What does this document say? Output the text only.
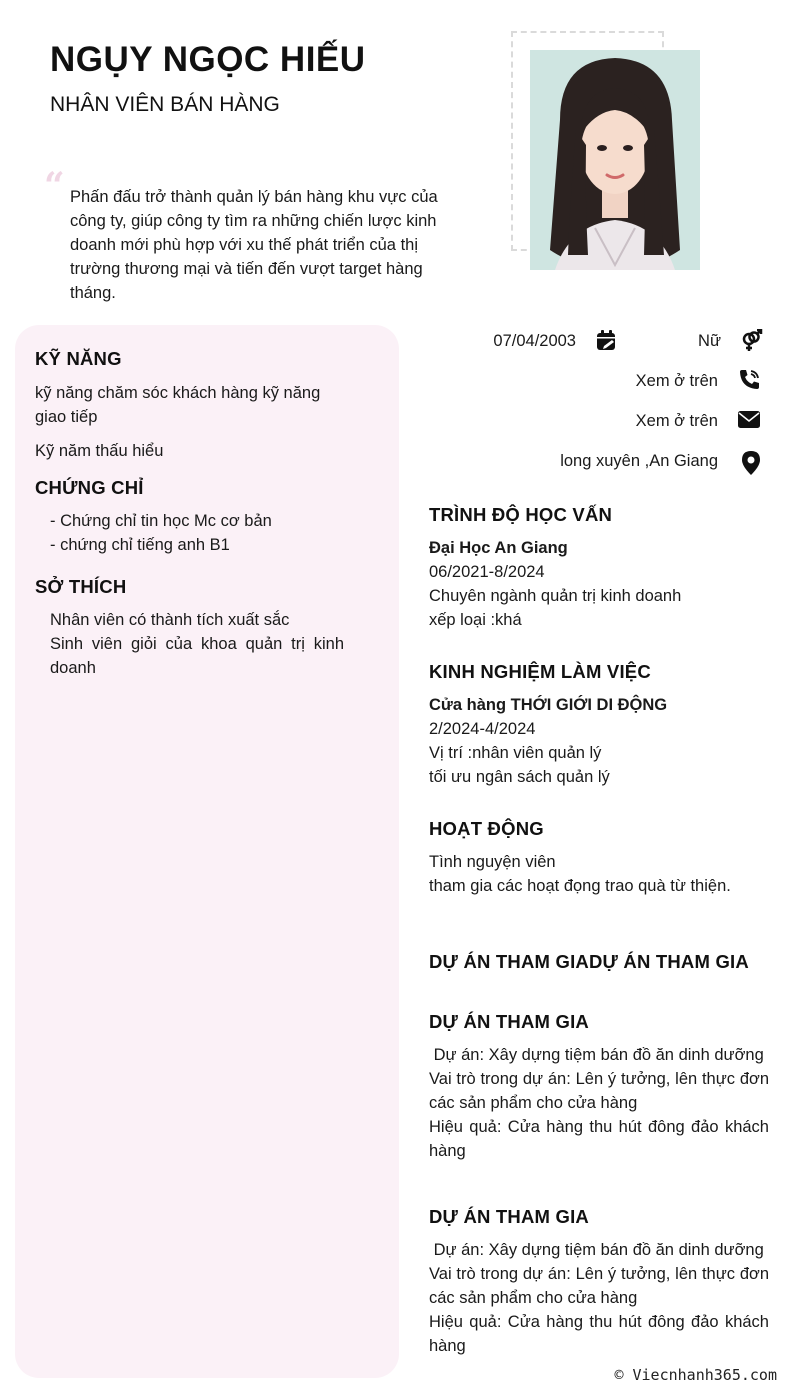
NGỤY NGỌC HIẾU
NHÂN VIÊN BÁN HÀNG
“ Phấn đấu trở thành quản lý bán hàng khu vực của công ty, giúp công ty tìm ra những chiến lược kinh doanh mới phù hợp với xu thế phát triển của thị trường thương mại và tiến đến vượt target hàng tháng.
KỸ NĂNG
kỹ năng chăm sóc khách hàng kỹ năng giao tiếp
Kỹ năm thấu hiểu
CHỨNG CHỈ
- Chứng chỉ tin học Mc cơ bản
- chứng chỉ tiếng anh B1
SỞ THÍCH
Nhân viên có thành tích xuất sắc
Sinh viên giỏi của khoa quản trị kinh doanh
07/04/2003	Nữ
Xem ở trên
Xem ở trên
long xuyên ,An Giang
TRÌNH ĐỘ HỌC VẤN
Đại Học An Giang
06/2021-8/2024
Chuyên ngành quản trị kinh doanh
xếp loại :khá
KINH NGHIỆM LÀM VIỆC
Cửa hàng THỚI GIỚI DI ĐỘNG
2/2024-4/2024
Vị trí :nhân viên quản lý
tối ưu ngân sách quản lý
HOẠT ĐỘNG
Tình nguyện viên
tham gia các hoạt đọng trao quà từ thiện.
DỰ ÁN THAM GIADỰ ÁN THAM GIA
DỰ ÁN THAM GIA
Dự án: Xây dựng tiệm bán đồ ăn dinh dưỡng
Vai trò trong dự án: Lên ý tưởng, lên thực đơn các sản phẩm cho cửa hàng
Hiệu quả: Cửa hàng thu hút đông đảo khách hàng
DỰ ÁN THAM GIA
Dự án: Xây dựng tiệm bán đồ ăn dinh dưỡng
Vai trò trong dự án: Lên ý tưởng, lên thực đơn các sản phẩm cho cửa hàng
Hiệu quả: Cửa hàng thu hút đông đảo khách hàng
© Viecnhanh365.com
